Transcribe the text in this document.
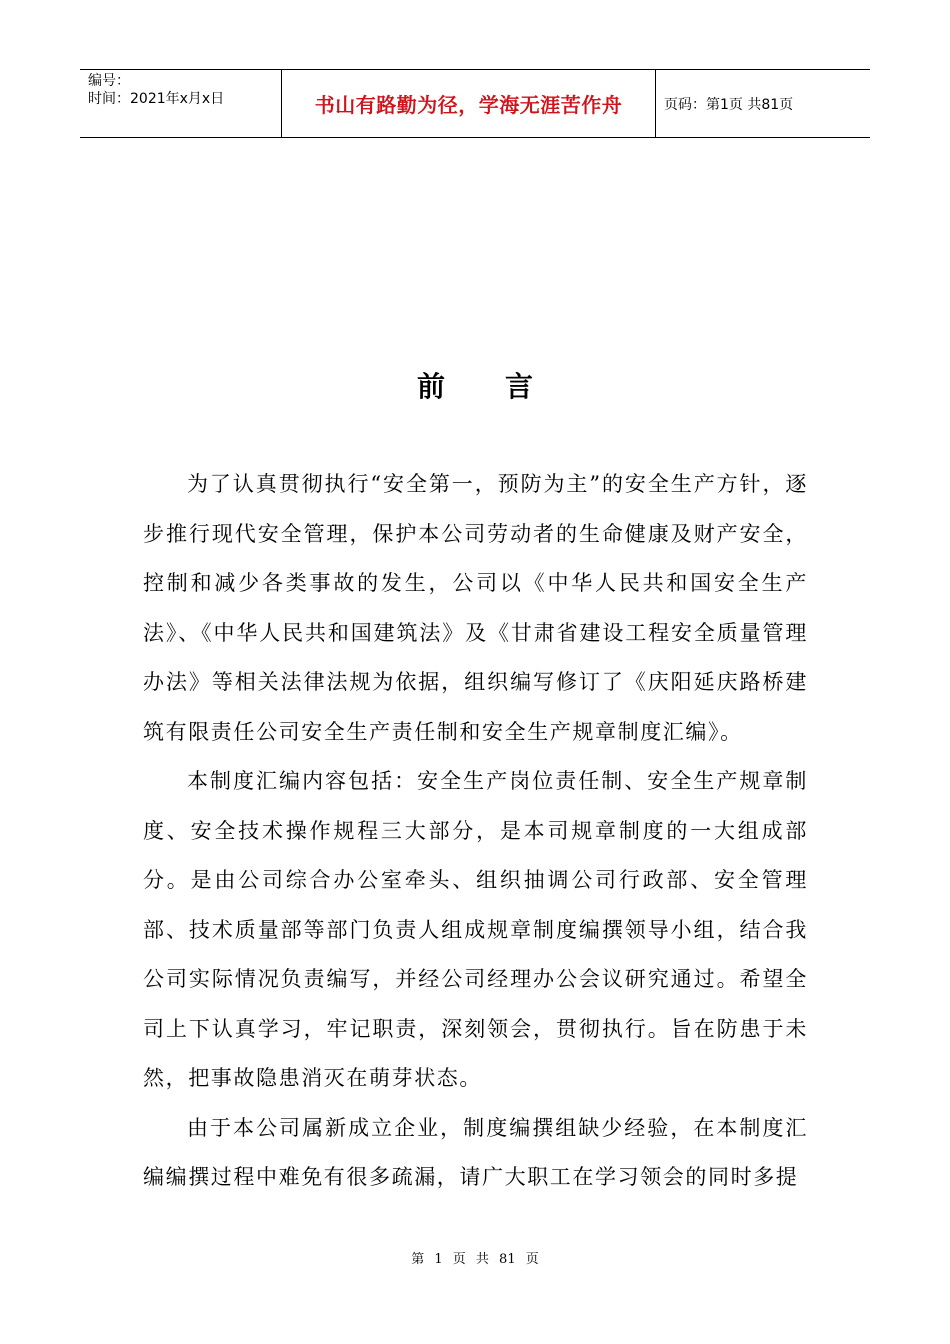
编号：
时间：2021年x月x日	书山有路勤为径，学海无涯苦作舟	页码：第1页 共81页
前言

为了认真贯彻执行“安全第一，预防为主”的安全生产方针，逐步推行现代安全管理，保护本公司劳动者的生命健康及财产安全，控制和减少各类事故的发生，公司以《中华人民共和国安全生产法》、《中华人民共和国建筑法》及《甘肃省建设工程安全质量管理办法》等相关法律法规为依据，组织编写修订了《庆阳延庆路桥建筑有限责任公司安全生产责任制和安全生产规章制度汇编》。

本制度汇编内容包括：安全生产岗位责任制、安全生产规章制度、安全技术操作规程三大部分，是本司规章制度的一大组成部分。是由公司综合办公室牵头、组织抽调公司行政部、安全管理部、技术质量部等部门负责人组成规章制度编撰领导小组，结合我公司实际情况负责编写，并经公司经理办公会议研究通过。希望全司上下认真学习，牢记职责，深刻领会，贯彻执行。旨在防患于未然，把事故隐患消灭在萌芽状态。

由于本公司属新成立企业，制度编撰组缺少经验，在本制度汇编编撰过程中难免有很多疏漏，请广大职工在学习领会的同时多提

第 1 页 共 81 页
